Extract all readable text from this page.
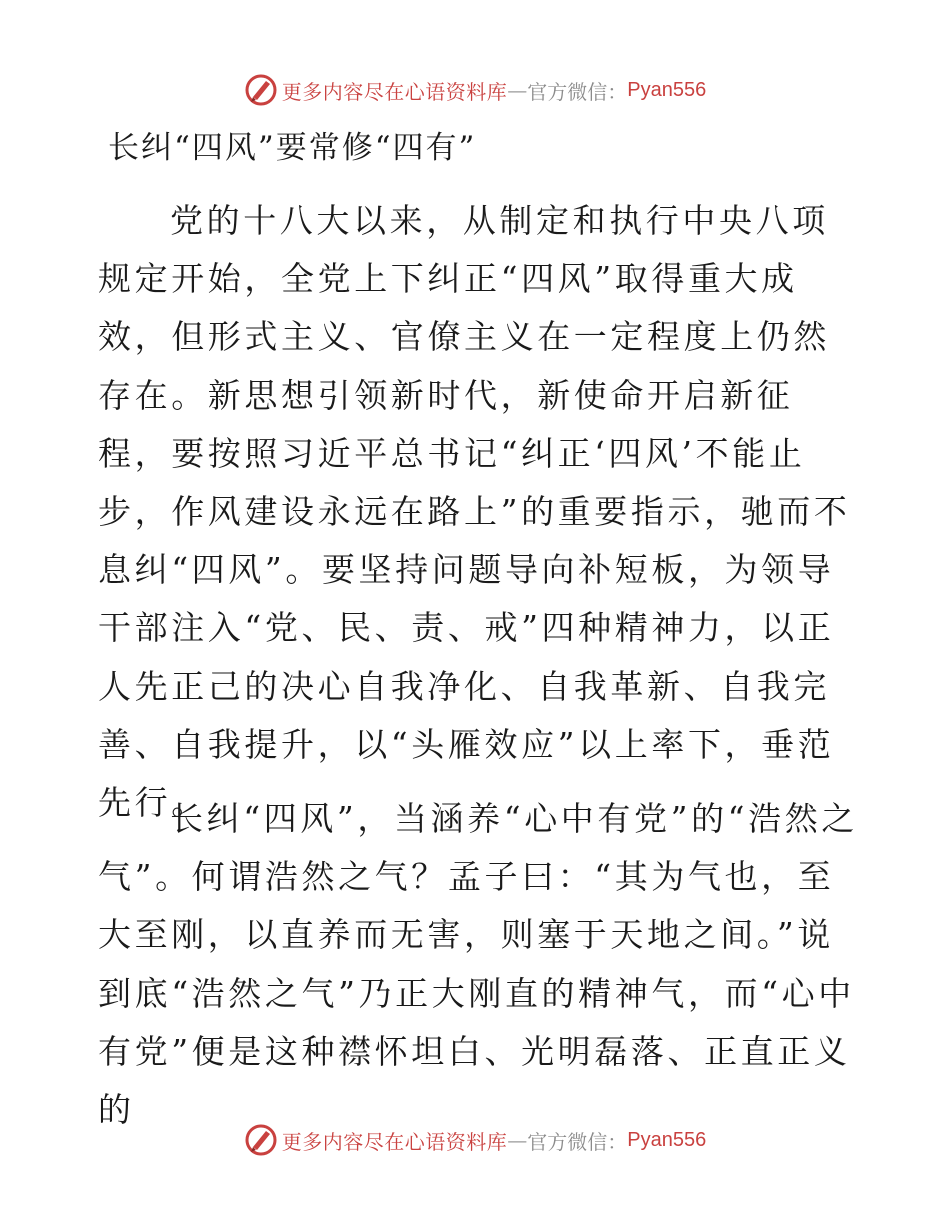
更多内容尽在心语资料库 — 官方微信： Pyan556
长纠“四风”要常修“四有”

党的十八大以来，从制定和执行中央八项规定开始，全党上下纠正“四风”取得重大成效，但形式主义、官僚主义在一定程度上仍然存在。新思想引领新时代，新使命开启新征程，要按照习近平总书记“纠正‘四风’不能止步，作风建设永远在路上”的重要指示，驰而不息纠“四风”。要坚持问题导向补短板，为领导干部注入“党、民、责、戒”四种精神力，以正人先正己的决心自我净化、自我革新、自我完善、自我提升，以“头雁效应”以上率下，垂范先行。

长纠“四风”，当涵养“心中有党”的“浩然之气”。何谓浩然之气？孟子曰：“其为气也，至大至刚，以直养而无害，则塞于天地之间。”说到底“浩然之气”乃正大刚直的精神气，而“心中有党”便是这种襟怀坦白、光明磊落、正直正义的

更多内容尽在心语资料库 — 官方微信： Pyan556
